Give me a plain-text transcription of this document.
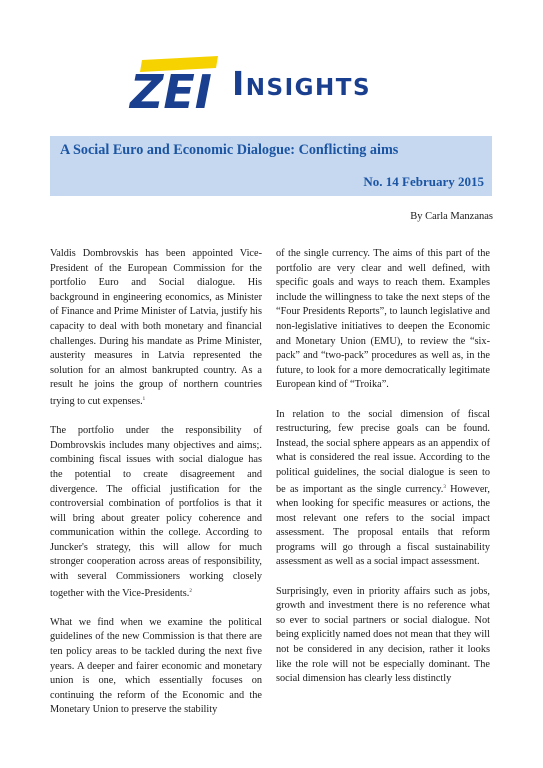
ZEI Insights
A Social Euro and Economic Dialogue: Conflicting aims
No. 14 February 2015
By Carla Manzanas

Valdis Dombrovskis has been appointed Vice-President of the European Commission for the portfolio Euro and Social dialogue. His background in engineering economics, as Minister of Finance and Prime Minister of Latvia, justify his capacity to deal with both monetary and financial challenges. During his mandate as Prime Minister, austerity measures in Latvia represented the solution for an almost bankrupted country. As a result he joins the group of northern countries trying to cut expenses.$^1$

The portfolio under the responsibility of Dombrovskis includes many objectives and aims;. combining fiscal issues with social dialogue has the potential to create disagreement and divergence. The official justification for the controversial combination of portfolios is that it will bring about greater policy coherence and communication within the college. According to Juncker's strategy, this will allow for much stronger cooperation across areas of responsibility, with several Commissioners working closely together with the Vice-Presidents.$^2$

What we find when we examine the political guidelines of the new Commission is that there are ten policy areas to be tackled during the next five years. A deeper and fairer economic and monetary union is one, which essentially focuses on continuing the reform of the Economic and the Monetary Union to preserve the stability

of the single currency. The aims of this part of the portfolio are very clear and well defined, with specific goals and ways to reach them. Examples include the willingness to take the next steps of the “Four Presidents Reports”, to launch legislative and non-legislative initiatives to deepen the Economic and Monetary Union (EMU), to review the “six-pack” and “two-pack” procedures as well as, in the future, to look for a more democratically legitimate European kind of “Troika”.

In relation to the social dimension of fiscal restructuring, few precise goals can be found. Instead, the social sphere appears as an appendix of what is considered the real issue. According to the political guidelines, the social dialogue is seen to be as important as the single currency.$^3$ However, when looking for specific measures or actions, the most relevant one refers to the social impact assessment. The proposal entails that reform programs will go through a fiscal sustainability assessment as well as a social impact assessment.

Surprisingly, even in priority affairs such as jobs, growth and investment there is no reference what so ever to social partners or social dialogue. Not being explicitly named does not mean that they will not be considered in any decision, rather it looks like the role will not be especially dominant. The social dimension has clearly less distinctly
